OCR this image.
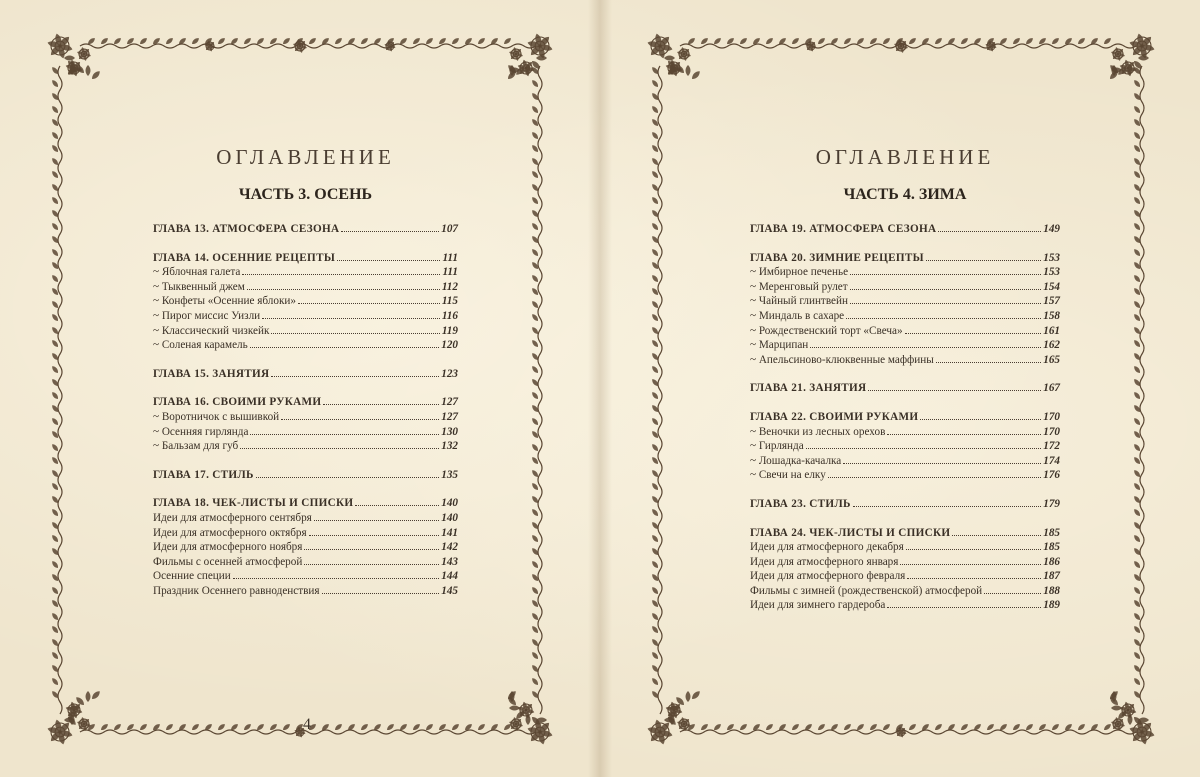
ОГЛАВЛЕНИЕ
ЧАСТЬ 3. ОСЕНЬ
ГЛАВА 13. АТМОСФЕРА СЕЗОНА	107
ГЛАВА 14. ОСЕННИЕ РЕЦЕПТЫ	111
~ Яблочная галета	111
~ Тыквенный джем	112
~ Конфеты «Осенние яблоки»	115
~ Пирог миссис Уизли	116
~ Классический чизкейк	119
~ Соленая карамель	120
ГЛАВА 15. ЗАНЯТИЯ	123
ГЛАВА 16. СВОИМИ РУКАМИ	127
~ Воротничок с вышивкой	127
~ Осенняя гирлянда	130
~ Бальзам для губ	132
ГЛАВА 17. СТИЛЬ	135
ГЛАВА 18. ЧЕК-ЛИСТЫ И СПИСКИ	140
Идеи для атмосферного сентября	140
Идеи для атмосферного октября	141
Идеи для атмосферного ноября	142
Фильмы с осенней атмосферой	143
Осенние специи	144
Праздник Осеннего равноденствия	145
4
ОГЛАВЛЕНИЕ
ЧАСТЬ 4. ЗИМА
ГЛАВА 19. АТМОСФЕРА СЕЗОНА	149
ГЛАВА 20. ЗИМНИЕ РЕЦЕПТЫ	153
~ Имбирное печенье	153
~ Меренговый рулет	154
~ Чайный глинтвейн	157
~ Миндаль в сахаре	158
~ Рождественский торт «Свеча»	161
~ Марципан	162
~ Апельсиново-клюквенные маффины	165
ГЛАВА 21. ЗАНЯТИЯ	167
ГЛАВА 22. СВОИМИ РУКАМИ	170
~ Веночки из лесных орехов	170
~ Гирлянда	172
~ Лошадка-качалка	174
~ Свечи на елку	176
ГЛАВА 23. СТИЛЬ	179
ГЛАВА 24. ЧЕК-ЛИСТЫ И СПИСКИ	185
Идеи для атмосферного декабря	185
Идеи для атмосферного января	186
Идеи для атмосферного февраля	187
Фильмы с зимней (рождественской) атмосферой	188
Идеи для зимнего гардероба	189
